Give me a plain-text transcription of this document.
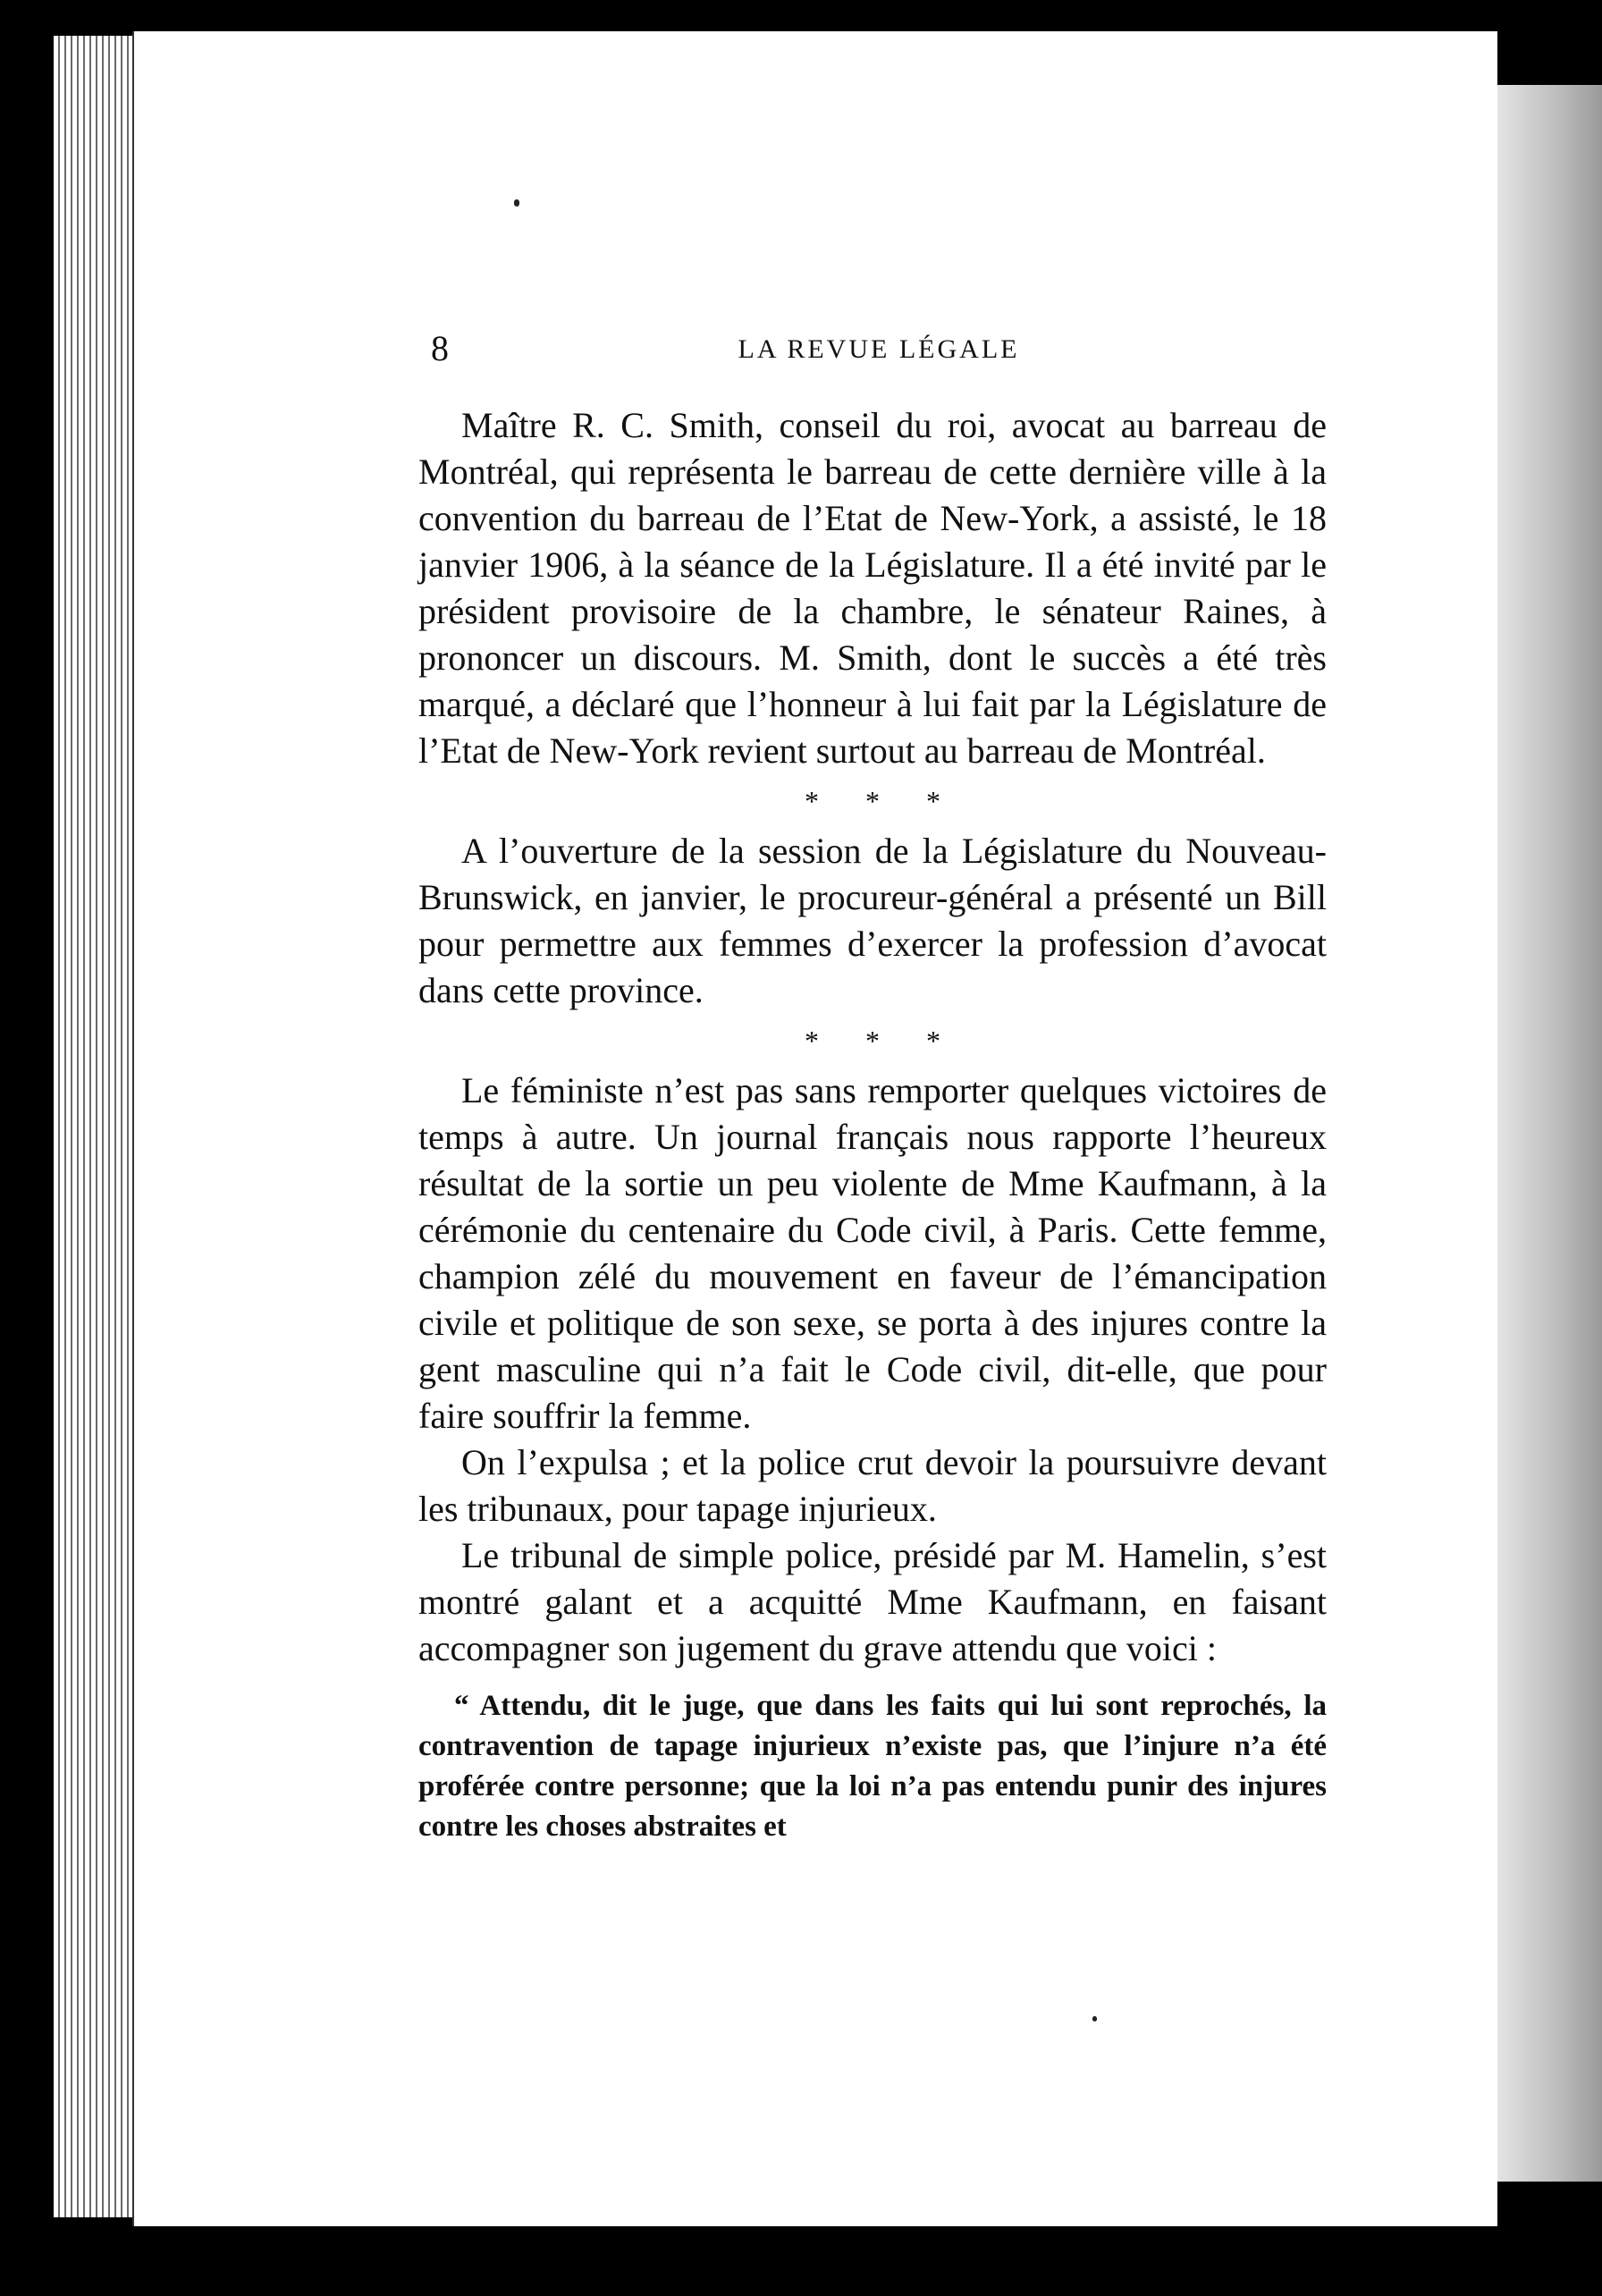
8	LA REVUE LÉGALE

Maître R. C. Smith, conseil du roi, avocat au barreau de Montréal, qui représenta le barreau de cette dernière ville à la convention du barreau de l’Etat de New-York, a assisté, le 18 janvier 1906, à la séance de la Législature. Il a été invité par le président provisoire de la chambre, le sénateur Raines, à prononcer un discours. M. Smith, dont le succès a été très marqué, a déclaré que l’honneur à lui fait par la Législature de l’Etat de New-York revient surtout au barreau de Montréal.

* * *

A l’ouverture de la session de la Législature du Nouveau-Brunswick, en janvier, le procureur-général a présenté un Bill pour permettre aux femmes d’exercer la profession d’avocat dans cette province.

* * *

Le féministe n’est pas sans remporter quelques victoires de temps à autre. Un journal français nous rapporte l’heureux résultat de la sortie un peu violente de Mme Kaufmann, à la cérémonie du centenaire du Code civil, à Paris. Cette femme, champion zélé du mouvement en faveur de l’émancipation civile et politique de son sexe, se porta à des injures contre la gent masculine qui n’a fait le Code civil, dit-elle, que pour faire souffrir la femme.

On l’expulsa ; et la police crut devoir la poursuivre devant les tribunaux, pour tapage injurieux.

Le tribunal de simple police, présidé par M. Hamelin, s’est montré galant et a acquitté Mme Kaufmann, en faisant accompagner son jugement du grave attendu que voici :

“ Attendu, dit le juge, que dans les faits qui lui sont reprochés, la contravention de tapage injurieux n’existe pas, que l’injure n’a été proférée contre personne; que la loi n’a pas entendu punir des injures contre les choses abstraites et
